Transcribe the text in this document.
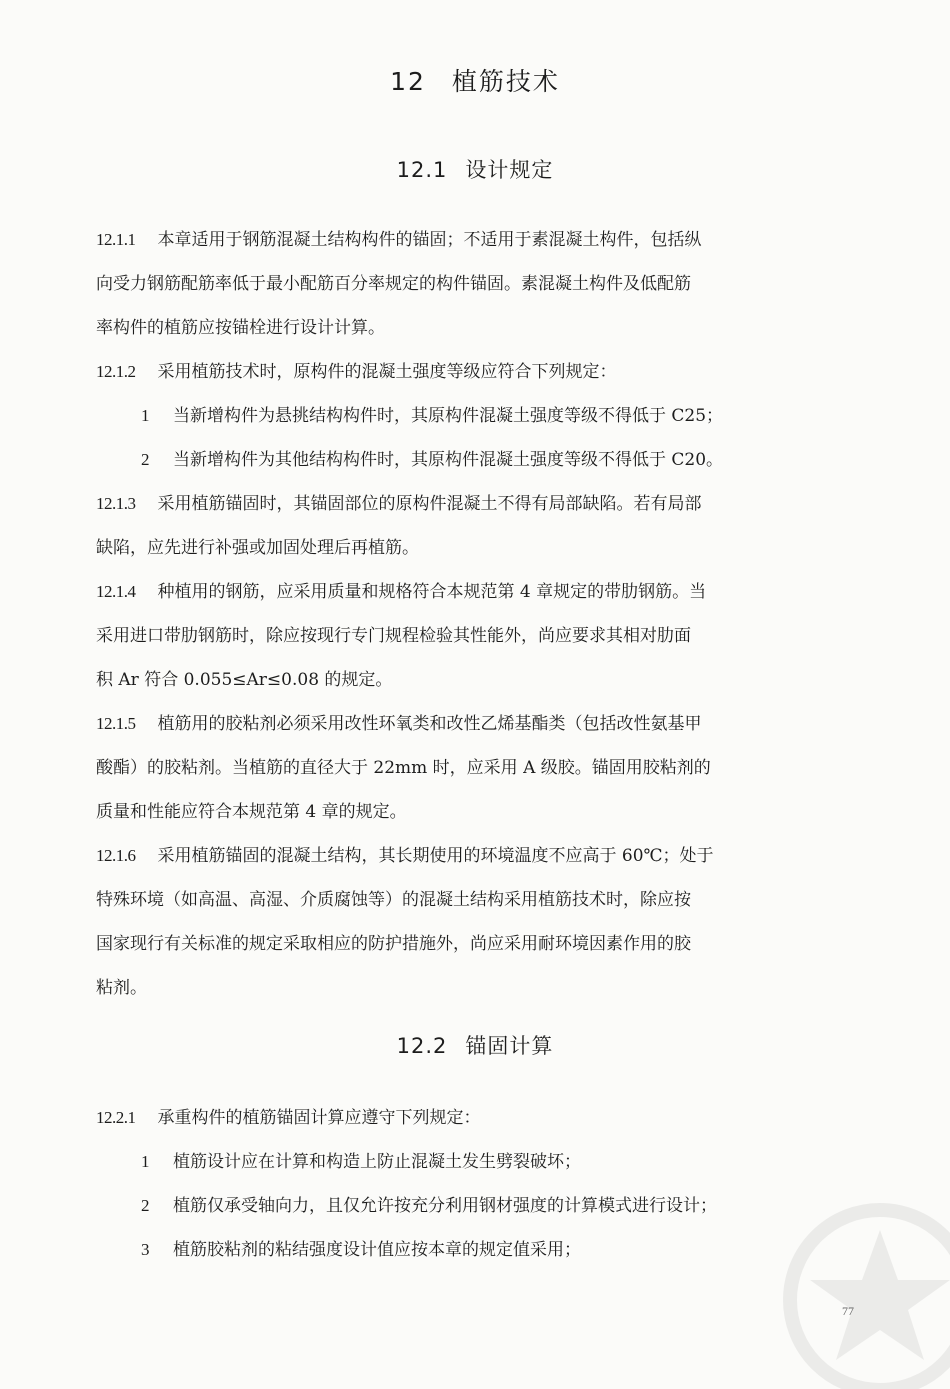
12 植筋技术
12.1 设计规定
12.1.1 本章适用于钢筋混凝土结构构件的锚固；不适用于素混凝土构件，包括纵
向受力钢筋配筋率低于最小配筋百分率规定的构件锚固。素混凝土构件及低配筋
率构件的植筋应按锚栓进行设计计算。
12.1.2 采用植筋技术时，原构件的混凝土强度等级应符合下列规定：
1 当新增构件为悬挑结构构件时，其原构件混凝土强度等级不得低于 C25；
2 当新增构件为其他结构构件时，其原构件混凝土强度等级不得低于 C20。
12.1.3 采用植筋锚固时，其锚固部位的原构件混凝土不得有局部缺陷。若有局部
缺陷，应先进行补强或加固处理后再植筋。
12.1.4 种植用的钢筋，应采用质量和规格符合本规范第 4 章规定的带肋钢筋。当
采用进口带肋钢筋时，除应按现行专门规程检验其性能外，尚应要求其相对肋面
积 Ar 符合 0.055≤Ar≤0.08 的规定。
12.1.5 植筋用的胶粘剂必须采用改性环氧类和改性乙烯基酯类（包括改性氨基甲
酸酯）的胶粘剂。当植筋的直径大于 22mm 时，应采用 A 级胶。锚固用胶粘剂的
质量和性能应符合本规范第 4 章的规定。
12.1.6 采用植筋锚固的混凝土结构，其长期使用的环境温度不应高于 60℃；处于
特殊环境（如高温、高湿、介质腐蚀等）的混凝土结构采用植筋技术时，除应按
国家现行有关标准的规定采取相应的防护措施外，尚应采用耐环境因素作用的胶
粘剂。
12.2 锚固计算
12.2.1 承重构件的植筋锚固计算应遵守下列规定：
1 植筋设计应在计算和构造上防止混凝土发生劈裂破坏；
2 植筋仅承受轴向力，且仅允许按充分利用钢材强度的计算模式进行设计；
3 植筋胶粘剂的粘结强度设计值应按本章的规定值采用；
77
